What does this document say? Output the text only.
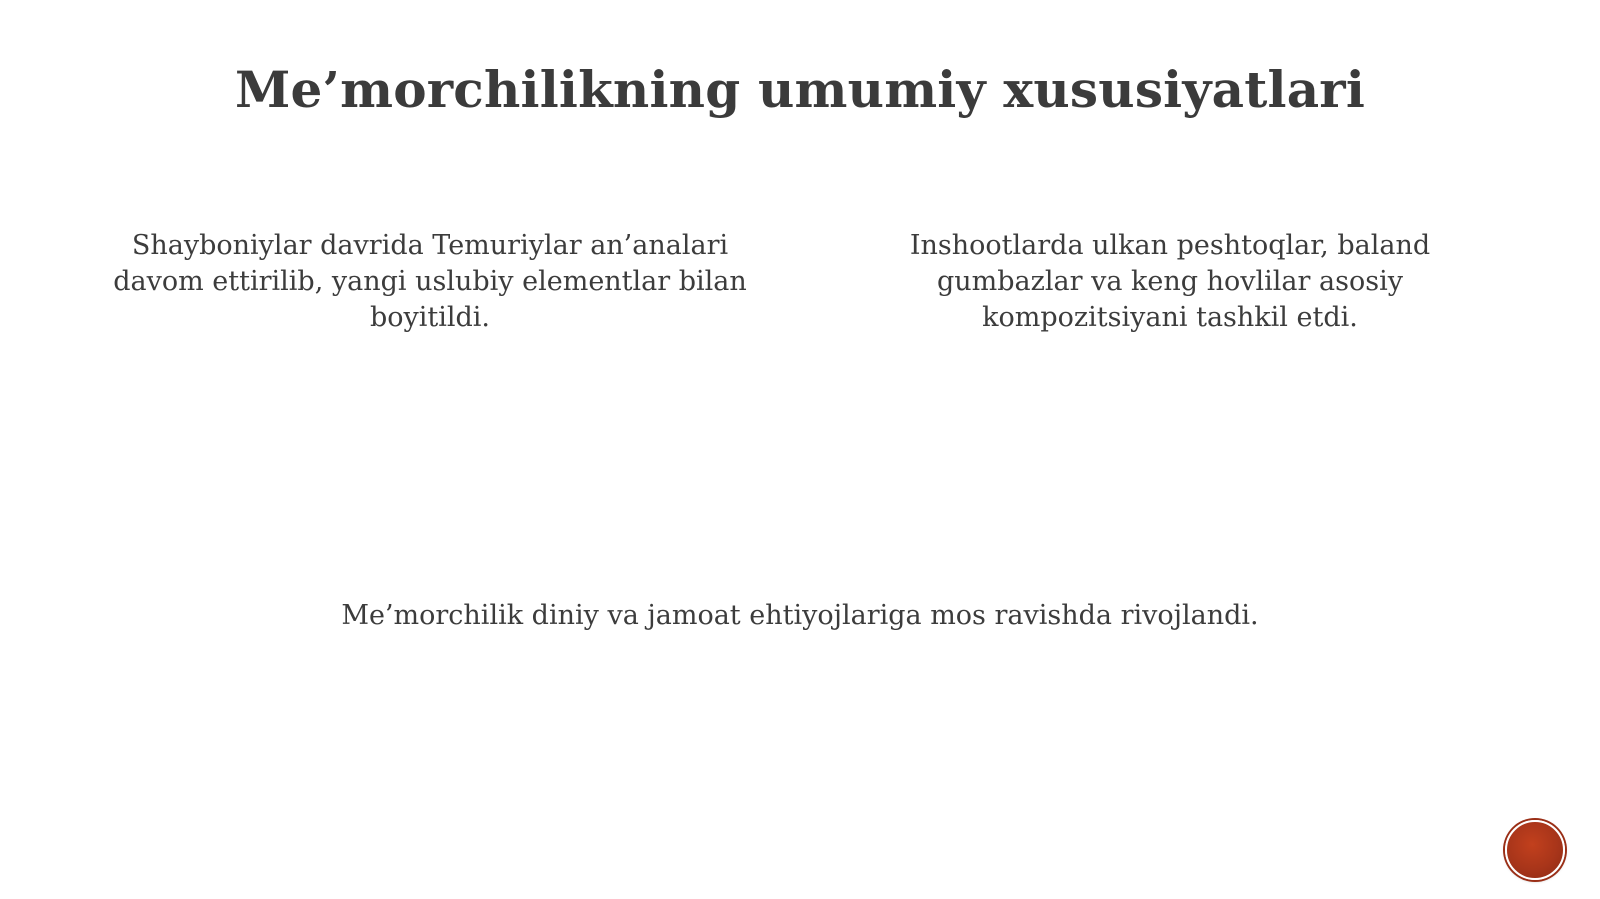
Me’morchilikning umumiy xususiyatlari
Shayboniylar davrida Temuriylar an’analari davom ettirilib, yangi uslubiy elementlar bilan boyitildi.
Inshootlarda ulkan peshtoqlar, baland gumbazlar va keng hovlilar asosiy kompozitsiyani tashkil etdi.
Me’morchilik diniy va jamoat ehtiyojlariga mos ravishda rivojlandi.
